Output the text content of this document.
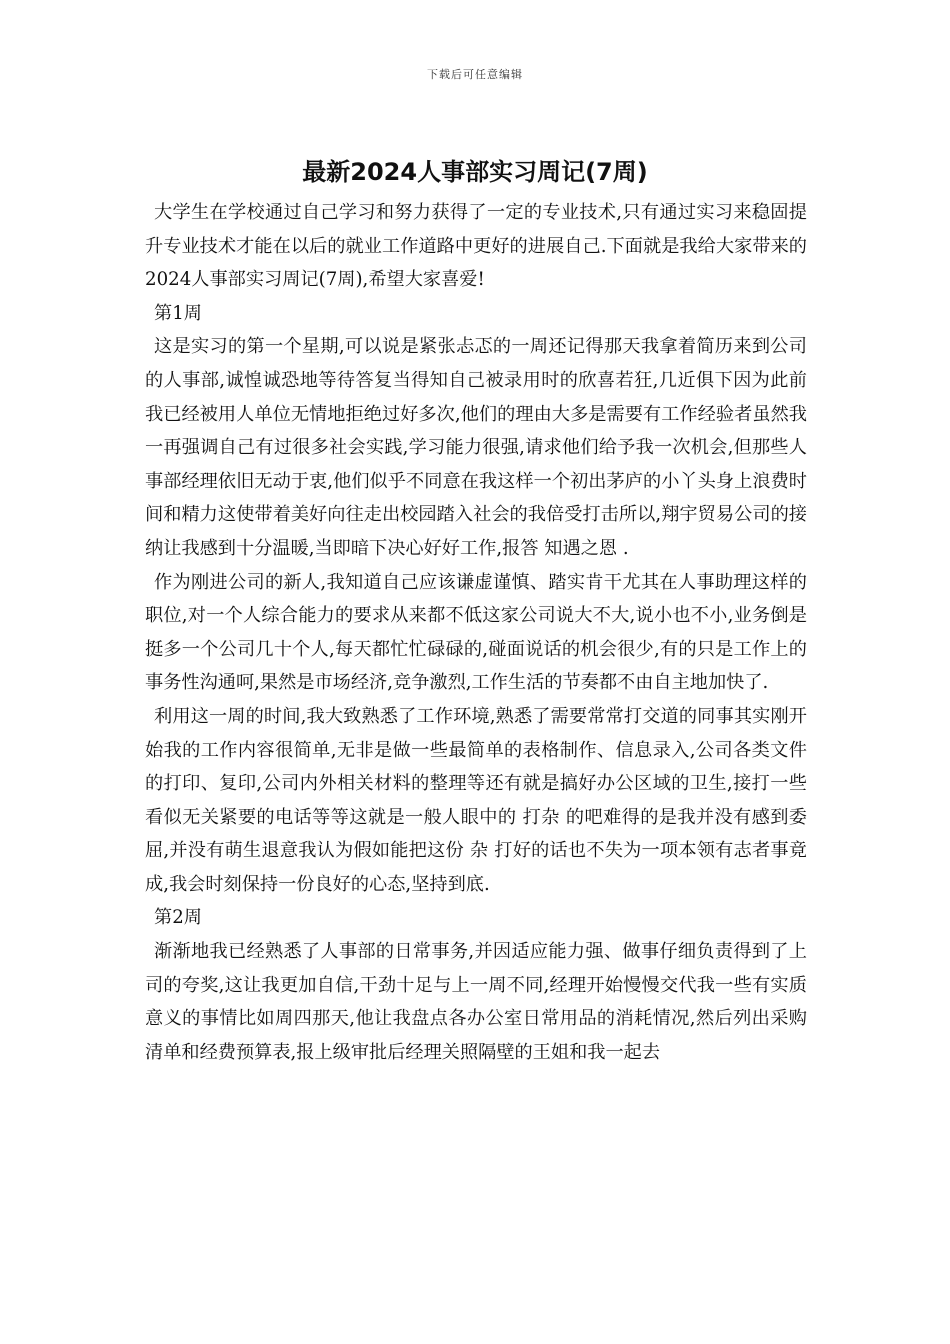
下载后可任意编辑
最新2024人事部实习周记(7周)

大学生在学校通过自己学习和努力获得了一定的专业技术,只有通过实习来稳固提升专业技术才能在以后的就业工作道路中更好的进展自己.下面就是我给大家带来的2024人事部实习周记(7周),希望大家喜爱!

第1周

这是实习的第一个星期,可以说是紧张忐忑的一周还记得那天我拿着简历来到公司的人事部,诚惶诚恐地等待答复当得知自己被录用时的欣喜若狂,几近俱下因为此前我已经被用人单位无情地拒绝过好多次,他们的理由大多是需要有工作经验者虽然我一再强调自己有过很多社会实践,学习能力很强,请求他们给予我一次机会,但那些人事部经理依旧无动于衷,他们似乎不同意在我这样一个初出茅庐的小丫头身上浪费时间和精力这使带着美好向往走出校园踏入社会的我倍受打击所以,翔宇贸易公司的接纳让我感到十分温暖,当即暗下决心好好工作,报答 知遇之恩 .

作为刚进公司的新人,我知道自己应该谦虚谨慎、踏实肯干尤其在人事助理这样的职位,对一个人综合能力的要求从来都不低这家公司说大不大,说小也不小,业务倒是挺多一个公司几十个人,每天都忙忙碌碌的,碰面说话的机会很少,有的只是工作上的事务性沟通呵,果然是市场经济,竞争激烈,工作生活的节奏都不由自主地加快了.

利用这一周的时间,我大致熟悉了工作环境,熟悉了需要常常打交道的同事其实刚开始我的工作内容很简单,无非是做一些最简单的表格制作、信息录入,公司各类文件的打印、复印,公司内外相关材料的整理等还有就是搞好办公区域的卫生,接打一些看似无关紧要的电话等等这就是一般人眼中的 打杂 的吧难得的是我并没有感到委屈,并没有萌生退意我认为假如能把这份 杂 打好的话也不失为一项本领有志者事竟成,我会时刻保持一份良好的心态,坚持到底.

第2周

渐渐地我已经熟悉了人事部的日常事务,并因适应能力强、做事仔细负责得到了上司的夸奖,这让我更加自信,干劲十足与上一周不同,经理开始慢慢交代我一些有实质意义的事情比如周四那天,他让我盘点各办公室日常用品的消耗情况,然后列出采购清单和经费预算表,报上级审批后经理关照隔壁的王姐和我一起去
